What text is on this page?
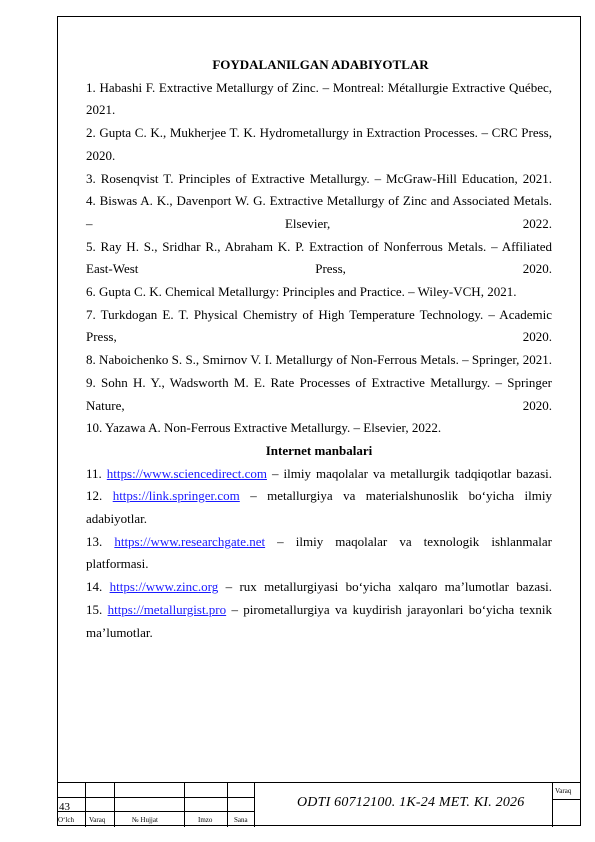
FOYDALANILGAN ADABIYOTLAR
1. Habashi F. Extractive Metallurgy of Zinc. – Montreal: Métallurgie Extractive Québec, 2021.
2. Gupta C. K., Mukherjee T. K. Hydrometallurgy in Extraction Processes. – CRC Press, 2020.
3. Rosenqvist T. Principles of Extractive Metallurgy. – McGraw-Hill Education, 2021.
4. Biswas A. K., Davenport W. G. Extractive Metallurgy of Zinc and Associated Metals. – Elsevier, 2022.
5. Ray H. S., Sridhar R., Abraham K. P. Extraction of Nonferrous Metals. – Affiliated East-West Press, 2020.
6. Gupta C. K. Chemical Metallurgy: Principles and Practice. – Wiley-VCH, 2021.
7. Turkdogan E. T. Physical Chemistry of High Temperature Technology. – Academic Press, 2020.
8. Naboichenko S. S., Smirnov V. I. Metallurgy of Non-Ferrous Metals. – Springer, 2021.
9. Sohn H. Y., Wadsworth M. E. Rate Processes of Extractive Metallurgy. – Springer Nature, 2020.
10. Yazawa A. Non-Ferrous Extractive Metallurgy. – Elsevier, 2022.
Internet manbalari
11. https://www.sciencedirect.com – ilmiy maqolalar va metallurgik tadqiqotlar bazasi.
12. https://link.springer.com – metallurgiya va materialshunoslik bo‘yicha ilmiy adabiyotlar.
13. https://www.researchgate.net – ilmiy maqolalar va texnologik ishlanmalar platformasi.
14. https://www.zinc.org – rux metallurgiyasi bo‘yicha xalqaro ma’lumotlar bazasi.
15. https://metallurgist.pro – pirometallurgiya va kuydirish jarayonlari bo‘yicha texnik ma’lumotlar.
43
O‘lch Varaq	№ Hujjat	Imzo	Sana
ODTI 60712100. 1K-24 MET. KI. 2026
Varaq
